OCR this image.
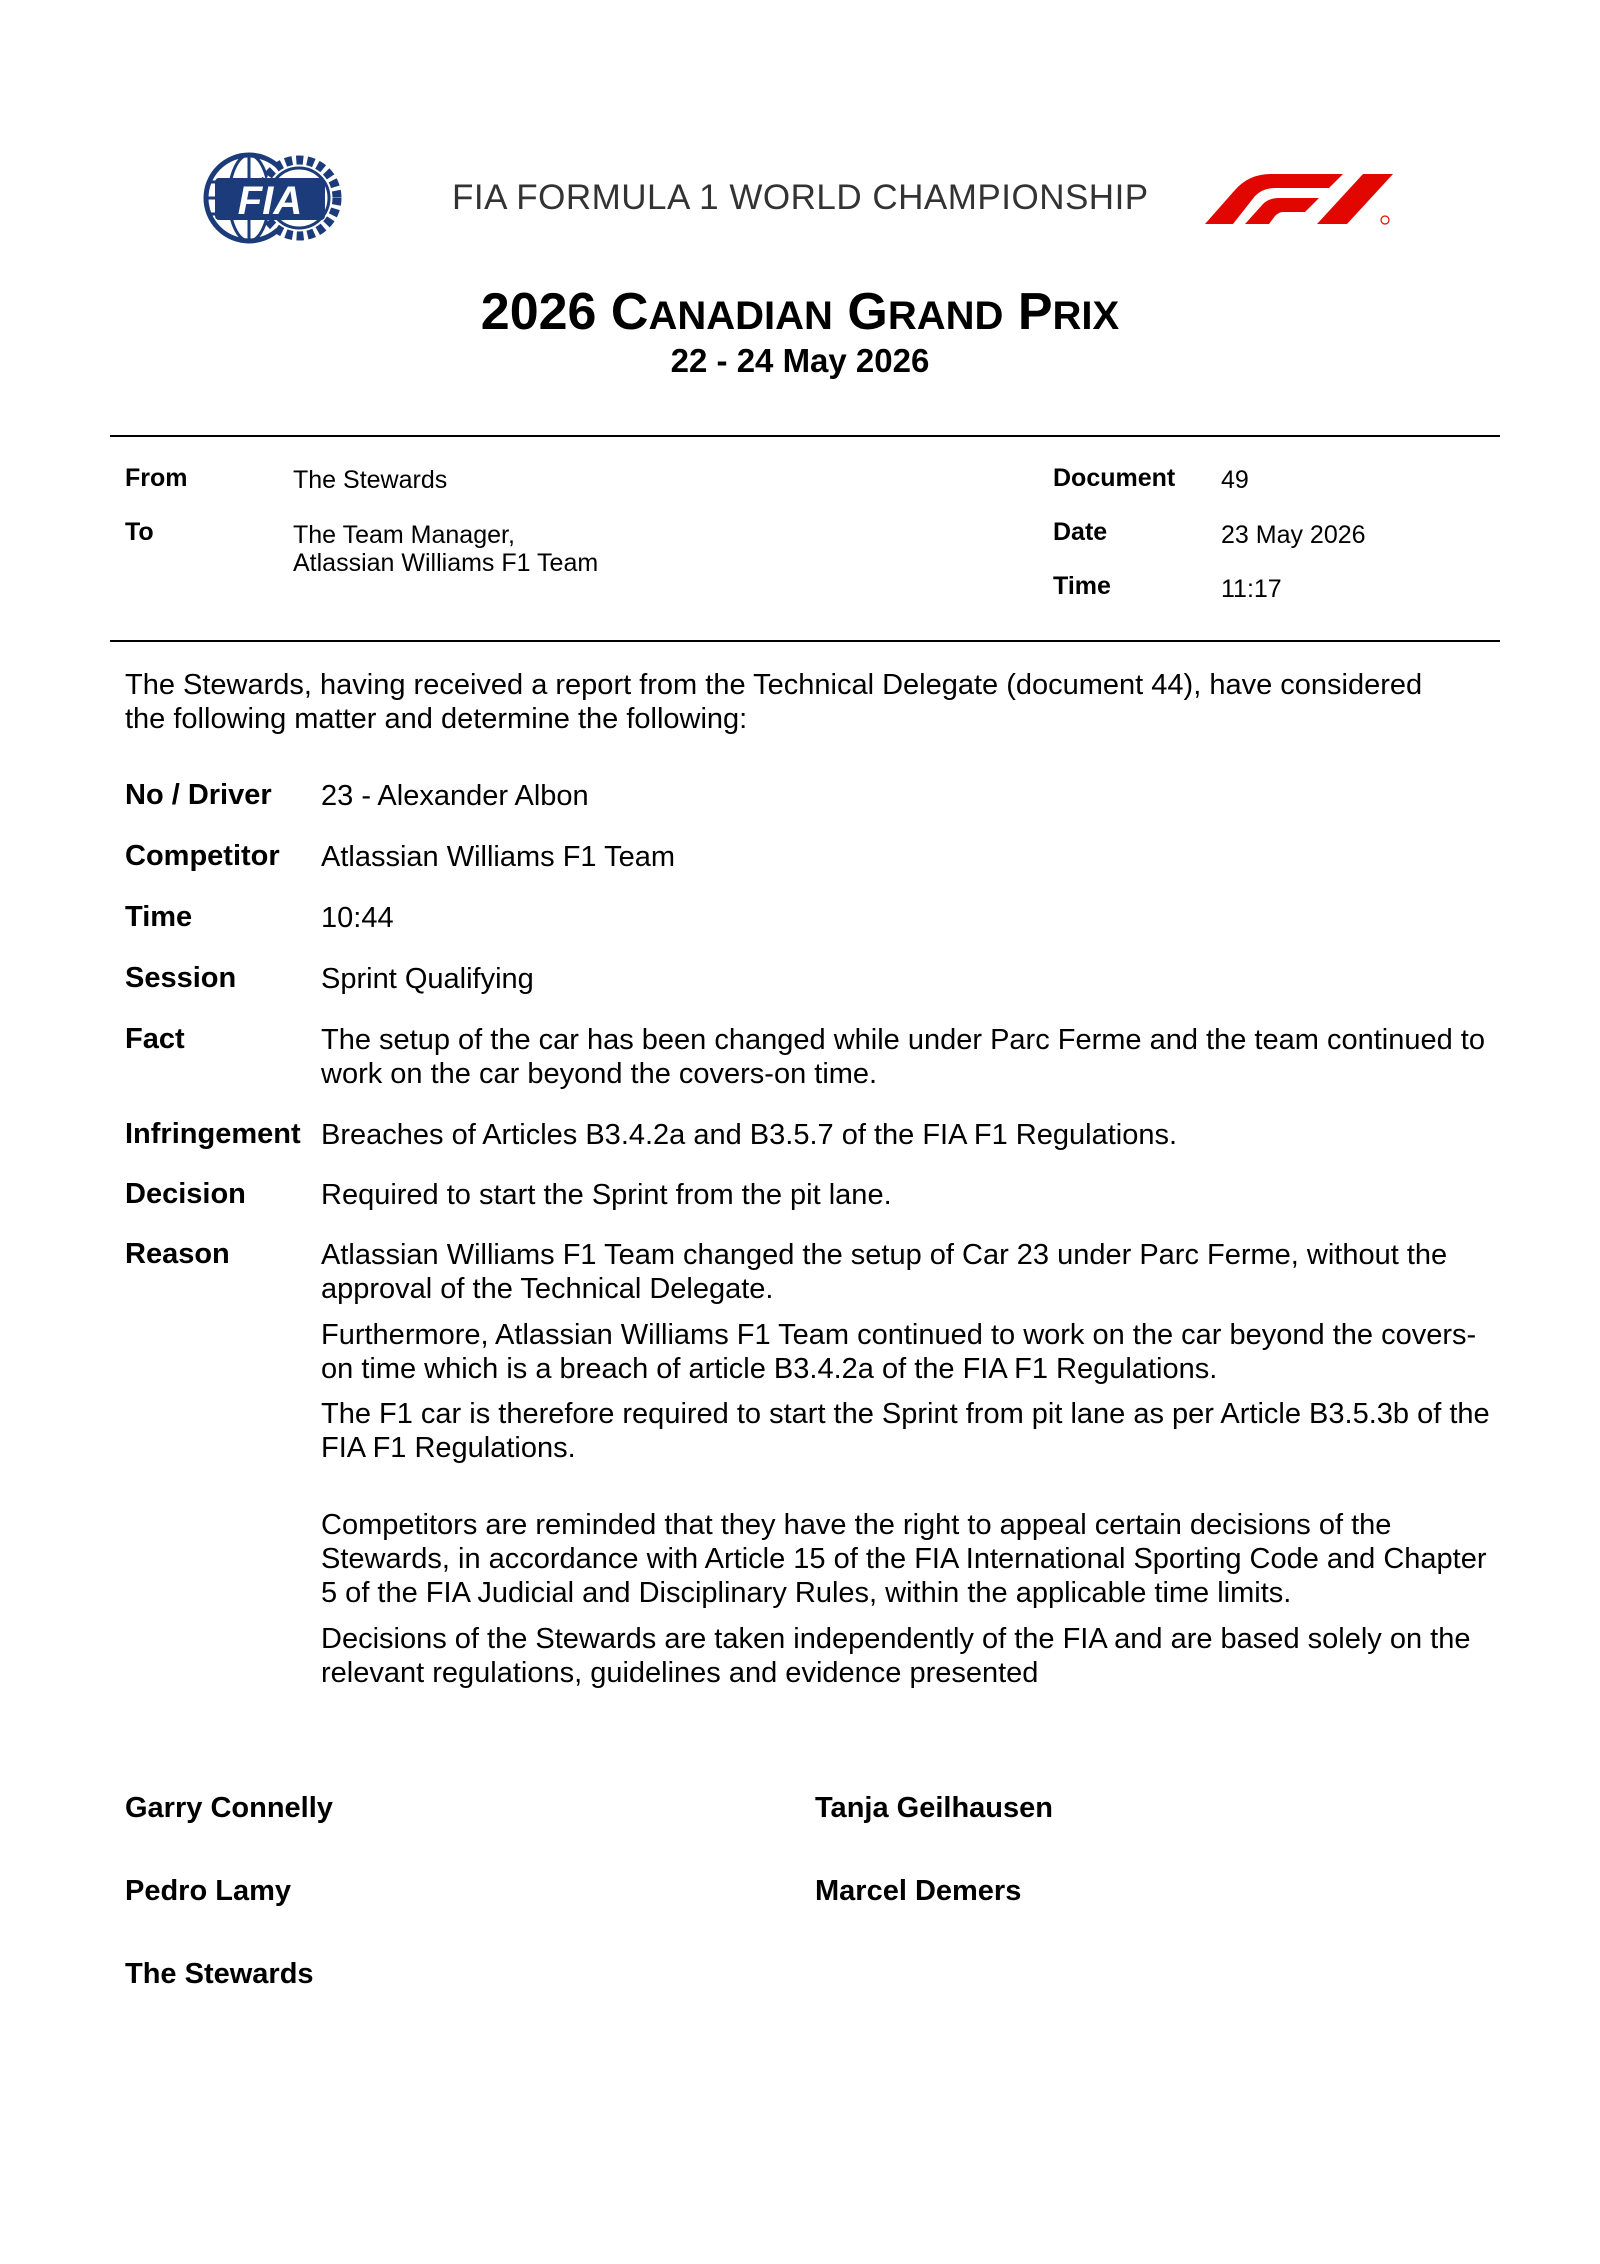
FIA	FIA FORMULA 1 WORLD CHAMPIONSHIP
2026 CANADIAN GRAND PRIX
22 - 24 May 2026
From	The Stewards
To	The Team Manager,
Atlassian Williams F1 Team
Document 49
Date	23 May 2026
Time	11:17
The Stewards, having received a report from the Technical Delegate (document 44), have considered the following matter and determine the following:
No / Driver 23 - Alexander Albon
Competitor Atlassian Williams F1 Team
Time	10:44
Session	Sprint Qualifying
Fact	The setup of the car has been changed while under Parc Ferme and the team continued to work on the car beyond the covers-on time.
Infringement Breaches of Articles B3.4.2a and B3.5.7 of the FIA F1 Regulations.
Decision	Required to start the Sprint from the pit lane.
Reason	Atlassian Williams F1 Team changed the setup of Car 23 under Parc Ferme, without the approval of the Technical Delegate.
Furthermore, Atlassian Williams F1 Team continued to work on the car beyond the covers-on time which is a breach of article B3.4.2a of the FIA F1 Regulations.
The F1 car is therefore required to start the Sprint from pit lane as per Article B3.5.3b of the FIA F1 Regulations.
Competitors are reminded that they have the right to appeal certain decisions of the Stewards, in accordance with Article 15 of the FIA International Sporting Code and Chapter 5 of the FIA Judicial and Disciplinary Rules, within the applicable time limits.
Decisions of the Stewards are taken independently of the FIA and are based solely on the relevant regulations, guidelines and evidence presented
Garry Connelly	Tanja Geilhausen
Pedro Lamy	Marcel Demers
The Stewards
